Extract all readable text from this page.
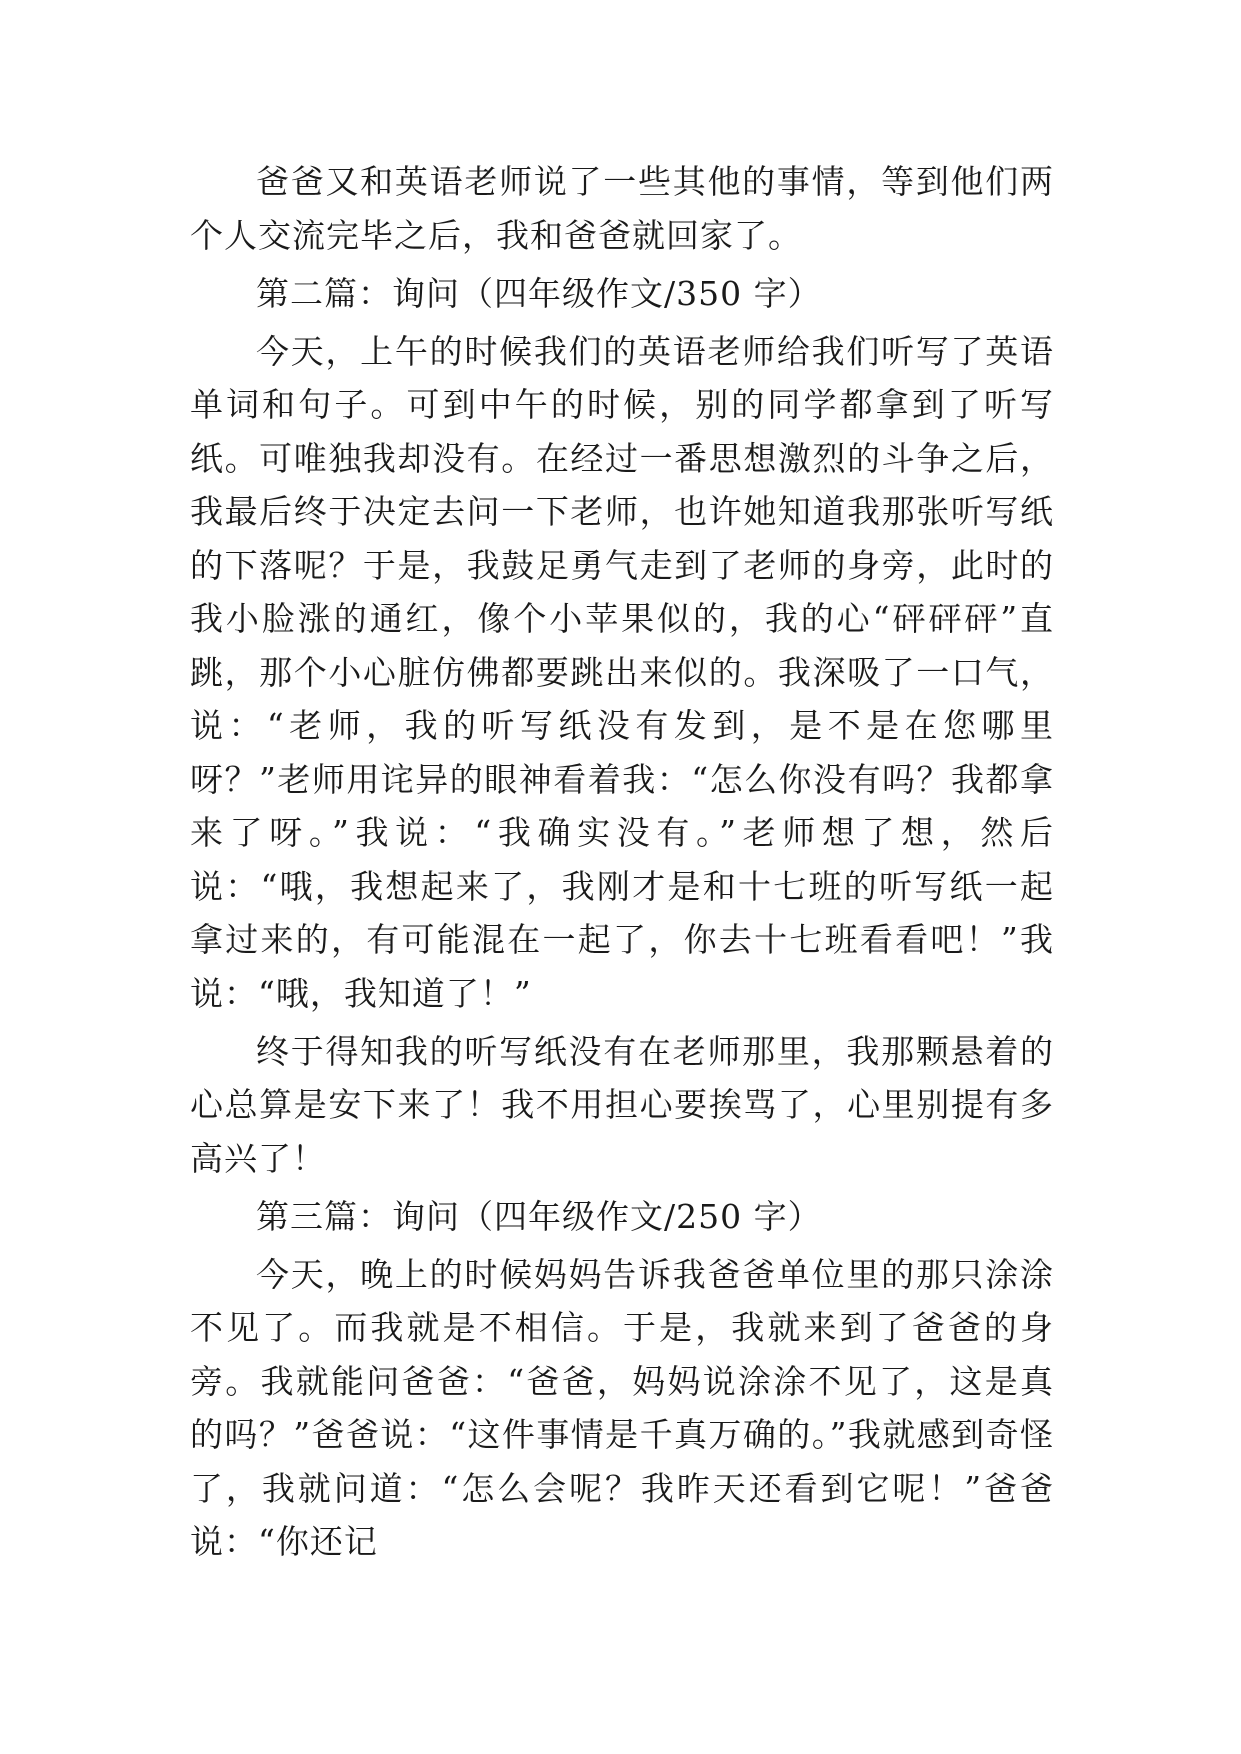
爸爸又和英语老师说了一些其他的事情，等到他们两个人交流完毕之后，我和爸爸就回家了。

第二篇：询问（四年级作文/350 字）

今天，上午的时候我们的英语老师给我们听写了英语单词和句子。可到中午的时候，别的同学都拿到了听写纸。可唯独我却没有。在经过一番思想激烈的斗争之后，我最后终于决定去问一下老师，也许她知道我那张听写纸的下落呢？于是，我鼓足勇气走到了老师的身旁，此时的我小脸涨的通红，像个小苹果似的，我的心“砰砰砰”直跳，那个小心脏仿佛都要跳出来似的。我深吸了一口气，说：“老师，我的听写纸没有发到，是不是在您哪里呀？”老师用诧异的眼神看着我：“怎么你没有吗？我都拿来了呀。”我说：“我确实没有。”老师想了想，然后说：“哦，我想起来了，我刚才是和十七班的听写纸一起拿过来的，有可能混在一起了，你去十七班看看吧！”我说：“哦，我知道了！”

终于得知我的听写纸没有在老师那里，我那颗悬着的心总算是安下来了！我不用担心要挨骂了，心里别提有多高兴了！

第三篇：询问（四年级作文/250 字）

今天，晚上的时候妈妈告诉我爸爸单位里的那只涂涂不见了。而我就是不相信。于是，我就来到了爸爸的身旁。我就能问爸爸：“爸爸，妈妈说涂涂不见了，这是真的吗？”爸爸说：“这件事情是千真万确的。”我就感到奇怪了，我就问道：“怎么会呢？我昨天还看到它呢！”爸爸说：“你还记
